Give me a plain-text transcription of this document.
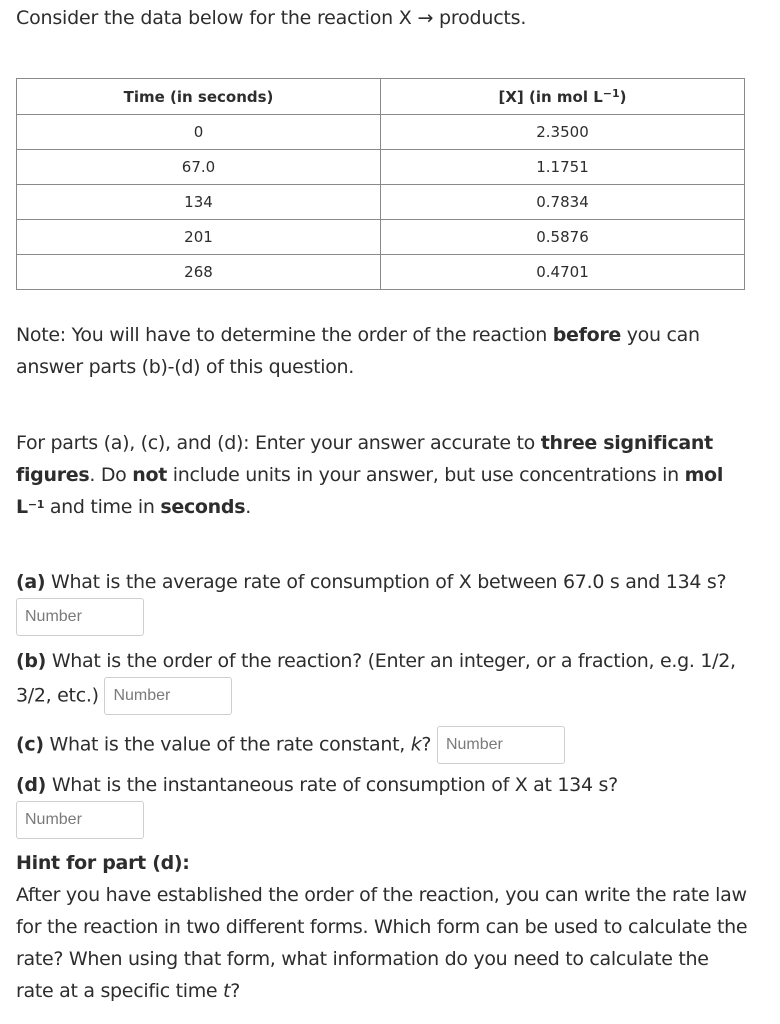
Consider the data below for the reaction X → products.
Time (in seconds)	[X] (in mol $L^{-1}$)
0	2.3500
67.0	1.1751
134	0.7834
201	0.5876
268	0.4701
Note: You will have to determine the order of the reaction before you can answer parts (b)-(d) of this question.
For parts (a), (c), and (d): Enter your answer accurate to three significant figures. Do not include units in your answer, but use concentrations in mol $L^{-1}$ and time in seconds.
(a) What is the average rate of consumption of X between 67.0 s and 134 s? Number
(b) What is the order of the reaction? (Enter an integer, or a fraction, e.g. 1/2, 3/2, etc.) Number
(c) What is the value of the rate constant, k? Number
(d) What is the instantaneous rate of consumption of X at 134 s?
Number
Hint for part (d):
After you have established the order of the reaction, you can write the rate law for the reaction in two different forms. Which form can be used to calculate the rate? When using that form, what information do you need to calculate the rate at a specific time t?
